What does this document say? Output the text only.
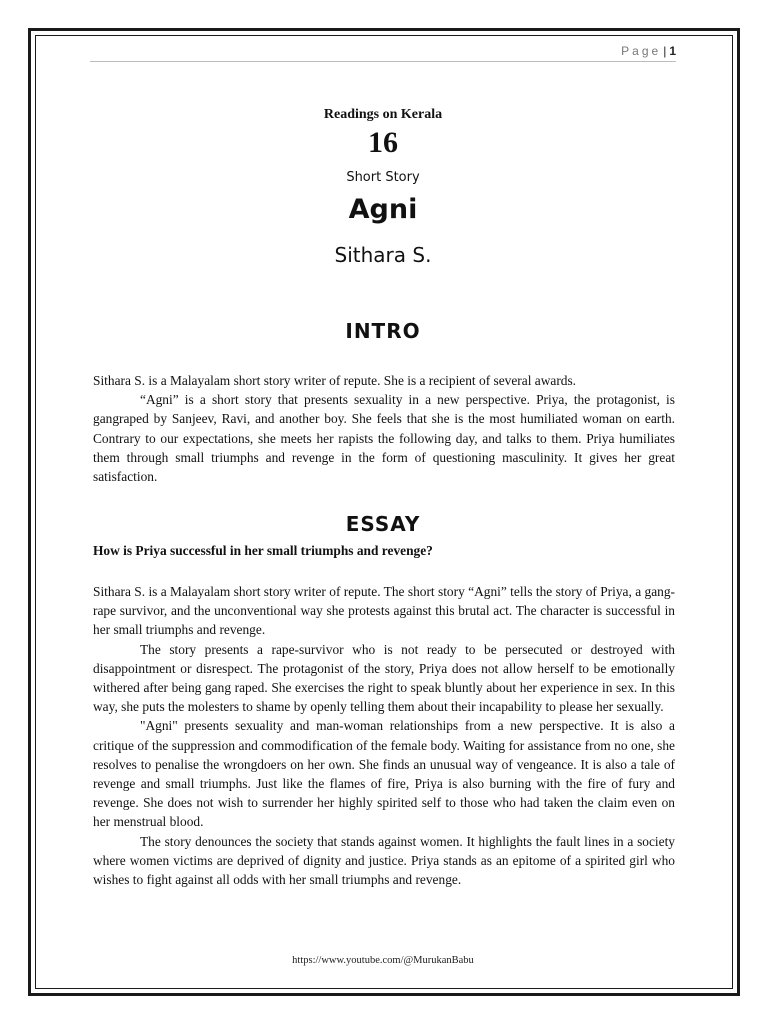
Page | 1
Readings on Kerala
16
Short Story
Agni
Sithara S.
INTRO

Sithara S. is a Malayalam short story writer of repute. She is a recipient of several awards.

“Agni” is a short story that presents sexuality in a new perspective. Priya, the protagonist, is gangraped by Sanjeev, Ravi, and another boy. She feels that she is the most humiliated woman on earth. Contrary to our expectations, she meets her rapists the following day, and talks to them. Priya humiliates them through small triumphs and revenge in the form of questioning masculinity. It gives her great satisfaction.

ESSAY
How is Priya successful in her small triumphs and revenge?

Sithara S. is a Malayalam short story writer of repute. The short story “Agni” tells the story of Priya, a gang-rape survivor, and the unconventional way she protests against this brutal act. The character is successful in her small triumphs and revenge.

The story presents a rape-survivor who is not ready to be persecuted or destroyed with disappointment or disrespect. The protagonist of the story, Priya does not allow herself to be emotionally withered after being gang raped. She exercises the right to speak bluntly about her experience in sex. In this way, she puts the molesters to shame by openly telling them about their incapability to please her sexually.

"Agni" presents sexuality and man-woman relationships from a new perspective. It is also a critique of the suppression and commodification of the female body. Waiting for assistance from no one, she resolves to penalise the wrongdoers on her own. She finds an unusual way of vengeance. It is also a tale of revenge and small triumphs. Just like the flames of fire, Priya is also burning with the fire of fury and revenge. She does not wish to surrender her highly spirited self to those who had taken the claim even on her menstrual blood.

The story denounces the society that stands against women. It highlights the fault lines in a society where women victims are deprived of dignity and justice. Priya stands as an epitome of a spirited girl who wishes to fight against all odds with her small triumphs and revenge.

https://www.youtube.com/@MurukanBabu
